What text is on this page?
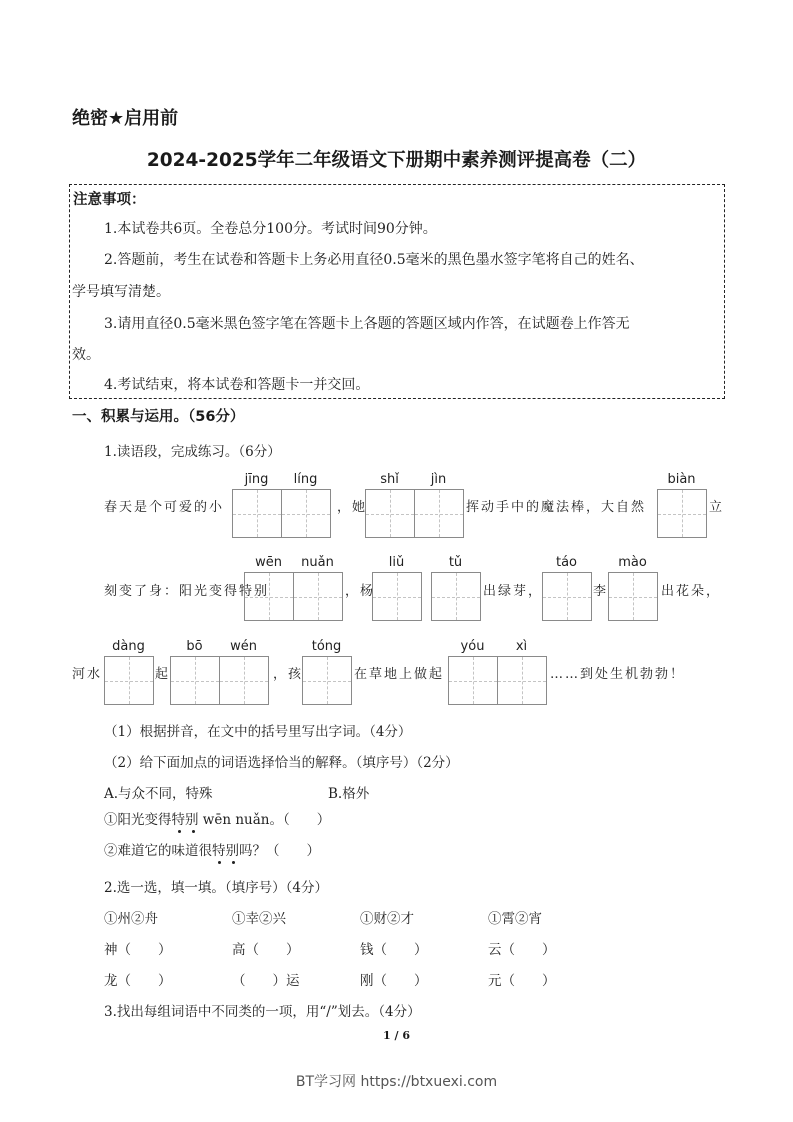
绝密★启用前
2024-2025学年二年级语文下册期中素养测评提高卷（二）
注意事项：
1.本试卷共6页。全卷总分100分。考试时间90分钟。
2.答题前，考生在试卷和答题卡上务必用直径0.5毫米的黑色墨水签字笔将自己的姓名、
学号填写清楚。
3.请用直径0.5毫米黑色签字笔在答题卡上各题的答题区域内作答，在试题卷上作答无
效。
4.考试结束，将本试卷和答题卡一并交回。
一、积累与运用。（56分）
1.读语段，完成练习。（6分）
春天是个可爱的小
jīng	líng
，她
shǐ	jìn
挥动手中的魔法棒，大自然
biàn
立
刻变了身：阳光变得特别
wēn	nuǎn
，杨
liǔ	tǔ
出绿芽，
táo
李
mào
出花朵，
河水
dàng
起
bō	wén
，孩
tóng
在草地上做起
yóu	xì
……到处生机勃勃！
（1）根据拼音，在文中的括号里写出字词。（4分）
（2）给下面加点的词语选择恰当的解释。（填序号）（2分）
A.与众不同，特殊	B.格外
①阳光变得特别
wēn nuǎn。（　　）
②难道它的味道很特别
吗？（　　）
2.选一选，填一填。（填序号）（4分）
①州②舟	①幸②兴	①财②才	①霄②宵
神（　　）	高（　　）	钱（　　）	云（　　）
龙（　　）	（　　）运	刚（　　）	元（　　）
3.找出每组词语中不同类的一项，用“/”划去。（4分）
1 / 6
BT学习网 https://btxuexi.com
